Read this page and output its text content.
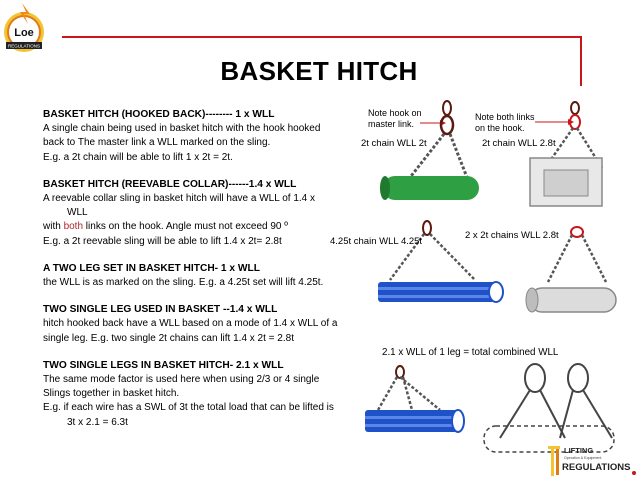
Loe
REGULATIONS
BASKET HITCH

BASKET HITCH (HOOKED BACK)-------- 1 x WLL

A single chain being used in basket hitch with the hook hooked

back to The master link a WLL marked on the sling.

E.g. a 2t chain will be able to lift 1 x 2t = 2t.

BASKET HITCH (REEVABLE COLLAR)------1.4 x WLL

A reevable collar sling in basket hitch will have a WLL of 1.4 x

WLL

with both links on the hook. Angle must not exceed 90 º

E.g. a 2t reevable sling will be able to lift 1.4 x 2t= 2.8t

A TWO LEG SET IN BASKET HITCH- 1 x WLL

the WLL is as marked on the sling. E.g. a 4.25t set will lift 4.25t.

TWO SINGLE LEG USED IN BASKET --1.4 x WLL

hitch hooked back have a WLL based on a mode of 1.4 x WLL of a

single leg. E.g. two single 2t chains can lift 1.4 x 2t = 2.8t

TWO SINGLE LEGS IN BASKET HITCH- 2.1 x WLL

The same mode factor is used here when using 2/3 or 4 single

Slings together in basket hitch.

E.g. if each wire has a SWL of 3t the total load that can be lifted is

3t x 2.1 = 6.3t

Note hook on
master link.
Note both links
on the hook.
2t chain WLL 2t	2t chain WLL 2.8t
4.25t chain WLL 4.25t
2 x 2t chains WLL 2.8t
2.1 x WLL of 1 leg = total combined WLL
LIFTING
Operation & Equipment
REGULATIONS
